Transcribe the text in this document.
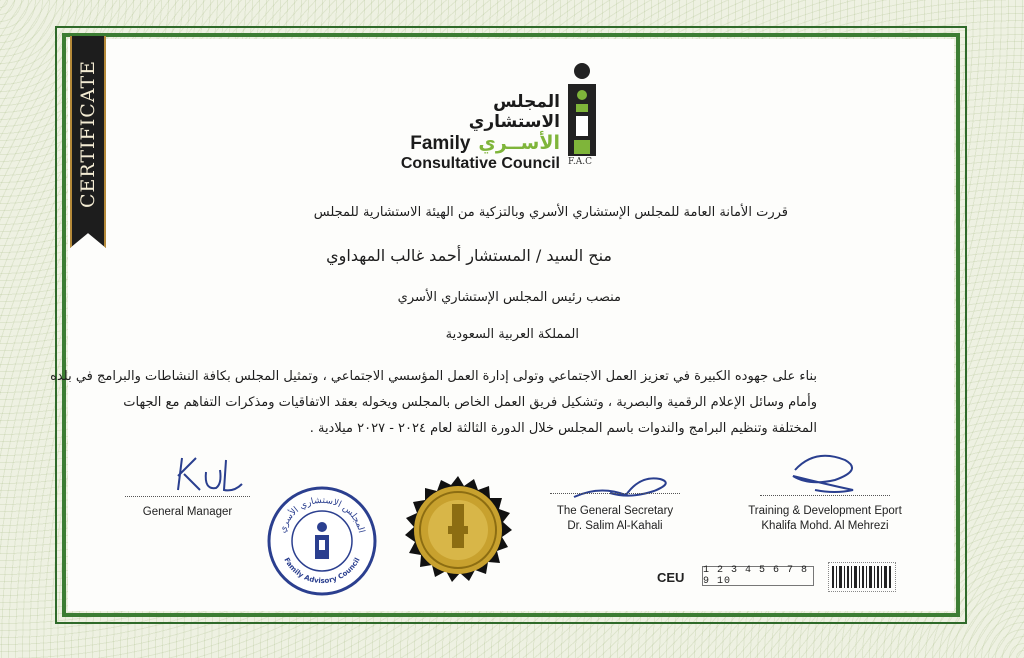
CERTIFICATE	المجلس الاستشاري
Family الأســري
Consultative Council F.A.C
قررت الأمانة العامة للمجلس الإستشاري الأسري وبالتزكية من الهيئة الاستشارية للمجلس
منح السيد / المستشار أحمد غالب المهداوي
منصب رئيس المجلس الإستشاري الأسري
المملكة العربية السعودية
بناء على جهوده الكبيرة في تعزيز العمل الاجتماعي وتولى إدارة العمل المؤسسي الاجتماعي ، وتمثيل المجلس بكافة النشاطات والبرامج في بلده
وأمام وسائل الإعلام الرقمية والبصرية ، وتشكيل فريق العمل الخاص بالمجلس ويخوله بعقد الاتفاقيات ومذكرات التفاهم مع الجهات
المختلفة وتنظيم البرامج والندوات باسم المجلس خلال الدورة الثالثة لعام ٢٠٢٤ - ٢٠٢٧ ميلادية .
General Manager	The General Secretary
Dr. Salim Al-Kahali
Training & Development Eport
Khalifa Mohd. Al Mehrezi
المجلس الاستشاري الأسري
Family Advisory Council
CEU 1 2 3 4 5 6 7 8 9 10
